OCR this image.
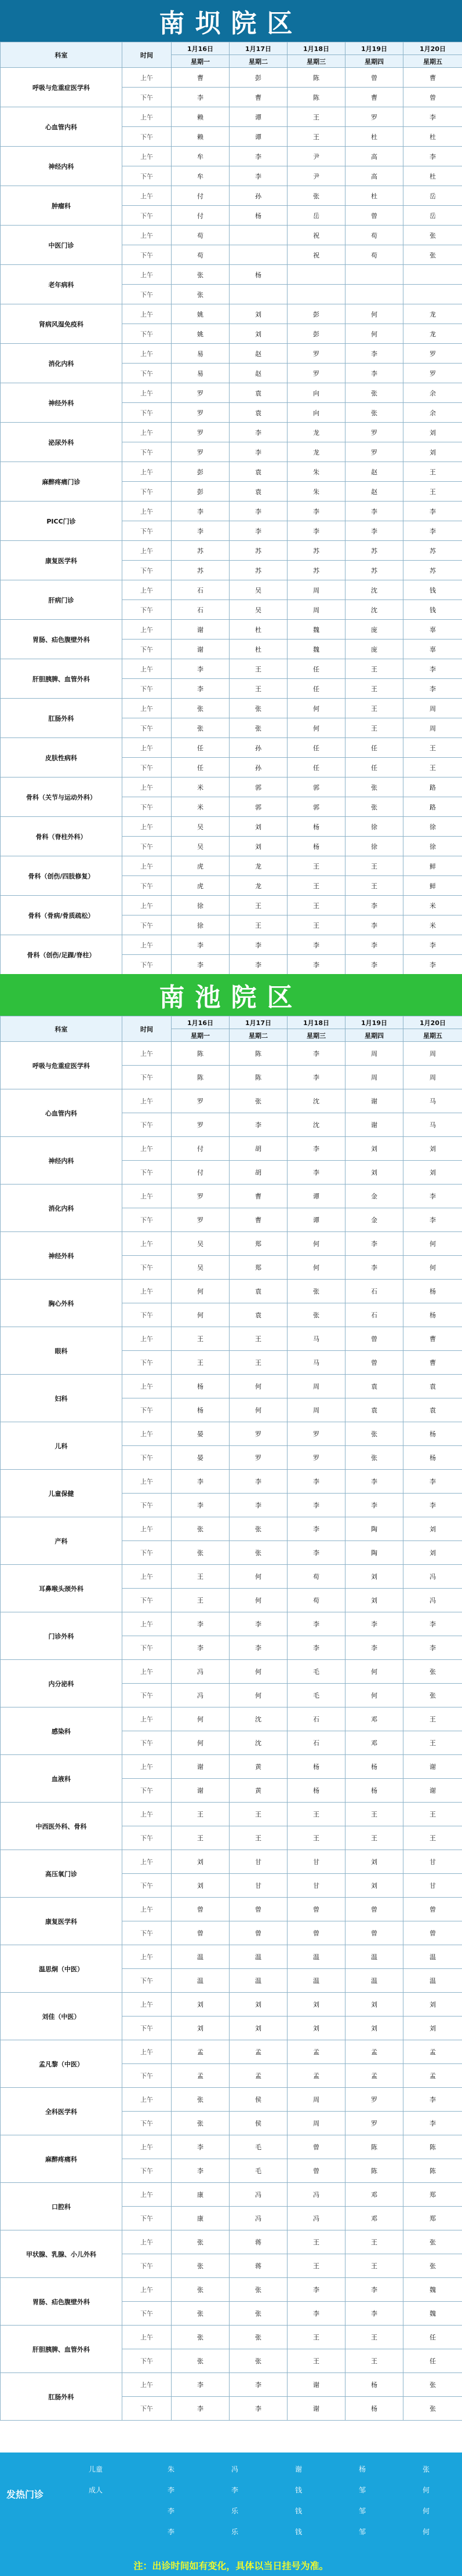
南坝院区
科室	时间	1月16日	1月17日	1月18日	1月19日	1月20日
		星期一	星期二	星期三	星期四	星期五
呼吸与危重症医学科	上午	曹	彭	陈	曾	曹
	下午	李	曹	陈	曹	曾
心血管内科	上午	赖	谭	王	罗	李
	下午	赖	谭	王	杜	杜
神经内科	上午	牟	李	尹	高	李
	下午	牟	李	尹	高	杜
肿瘤科	上午	付	孙	张	杜	岳
	下午	付	杨	岳	曾	岳
中医门诊	上午	苟		祝	苟	张
	下午	苟		祝	苟	张
老年病科	上午	张	杨			
	下午	张				
肾病风湿免疫科	上午	姚	刘	彭	何	龙
	下午	姚	刘	彭	何	龙
消化内科	上午	易	赵	罗	李	罗
	下午	易	赵	罗	李	罗
神经外科	上午	罗	袁	向	张	余
	下午	罗	袁	向	张	余
泌尿外科	上午	罗	李	龙	罗	刘
	下午	罗	李	龙	罗	刘
麻醉疼痛门诊	上午	彭	袁	朱	赵	王
	下午	彭	袁	朱	赵	王
PICC门诊	上午	李	李	李	李	李
	下午	李	李	李	李	李
康复医学科	上午	苏	苏	苏	苏	苏
	下午	苏	苏	苏	苏	苏
肝病门诊	上午	石	吴	周	沈	钱
	下午	石	吴	周	沈	钱
胃肠、疝色腹壁外科	上午	谢	杜	魏	庞	辜
	下午	谢	杜	魏	庞	辜
肝胆胰脾、血管外科	上午	李	王	任	王	李
	下午	李	王	任	王	李
肛肠外科	上午	张	张	何	王	周
	下午	张	张	何	王	周
皮肤性病科	上午	任	孙	任	任	王
	下午	任	孙	任	任	王
骨科（关节与运动外科）	上午	米	郭	郭	张	路
	下午	米	郭	郭	张	路
骨科（脊柱外科）	上午	吴	刘	杨	徐	徐
	下午	吴	刘	杨	徐	徐
骨科（创伤/四肢修复）	上午	虎	龙	王	王	鲜
	下午	虎	龙	王	王	鲜
骨科（骨病/骨质疏松）	上午	徐	王	王	李	米
	下午	徐	王	王	李	米
骨科（创伤/足踝/脊柱）	上午	李	李	李	李	李
	下午	李	李	李	李	李
南池院区
科室	时间	1月16日	1月17日	1月18日	1月19日	1月20日
		星期一	星期二	星期三	星期四	星期五
呼吸与危重症医学科	上午	陈	陈	李	周	周
	下午	陈	陈	李	周	周
心血管内科	上午	罗	张	沈	谢	马
	下午	罗	李	沈	谢	马
神经内科	上午	付	胡	李	刘	刘
	下午	付	胡	李	刘	刘
消化内科	上午	罗	曹	谭	金	李
	下午	罗	曹	谭	金	李
神经外科	上午	吴	郑	何	李	何
	下午	吴	郑	何	李	何
胸心外科	上午	何	袁	张	石	杨
	下午	何	袁	张	石	杨
眼科	上午	王	王	马	曾	曹
	下午	王	王	马	曾	曹
妇科	上午	杨	何	周	袁	袁
	下午	杨	何	周	袁	袁
儿科	上午	晏	罗	罗	张	杨
	下午	晏	罗	罗	张	杨
儿童保健	上午	李	李	李	李	李
	下午	李	李	李	李	李
产科	上午	张	张	李	陶	刘
	下午	张	张	李	陶	刘
耳鼻喉头颈外科	上午	王	何	苟	刘	冯
	下午	王	何	苟	刘	冯
门诊外科	上午	李	李	李	李	李
	下午	李	李	李	李	李
内分泌科	上午	冯	何	毛	何	张
	下午	冯	何	毛	何	张
感染科	上午	何	沈	石	邓	王
	下午	何	沈	石	邓	王
血液科	上午	谢	黄	杨	杨	谢
	下午	谢	黄	杨	杨	谢
中西医外科、骨科	上午	王	王	王	王	王
	下午	王	王	王	王	王
高压氧门诊	上午	刘	甘	甘	刘	甘
	下午	刘	甘	甘	刘	甘
康复医学科	上午	曾	曾	曾	曾	曾
	下午	曾	曾	曾	曾	曾
温思炯（中医）	上午	温	温	温	温	温
	下午	温	温	温	温	温
刘佳（中医）	上午	刘	刘	刘	刘	刘
	下午	刘	刘	刘	刘	刘
孟凡黎（中医）	上午	孟	孟	孟	孟	孟
	下午	孟	孟	孟	孟	孟
全科医学科	上午	张	侯	周	罗	李
	下午	张	侯	周	罗	李
麻醉疼痛科	上午	李	毛	曾	陈	陈
	下午	李	毛	曾	陈	陈
口腔科	上午	康	冯	冯	邓	郑
	下午	康	冯	冯	邓	郑
甲状腺、乳腺、小儿外科	上午	张	蒋	王	王	张
	下午	张	蒋	王	王	张
胃肠、疝色腹壁外科	上午	张	张	李	李	魏
	下午	张	张	李	李	魏
肝胆胰脾、血管外科	上午	张	张	王	王	任
	下午	张	张	王	王	任
肛肠外科	上午	李	李	谢	杨	张
	下午	李	李	谢	杨	张
发热门诊
儿童	朱	冯	谢	杨	张
成人	李	李	钱	邹	何
李	乐	钱	邹	何
李	乐	钱	邹	何
注：出诊时间如有变化，具体以当日挂号为准。
